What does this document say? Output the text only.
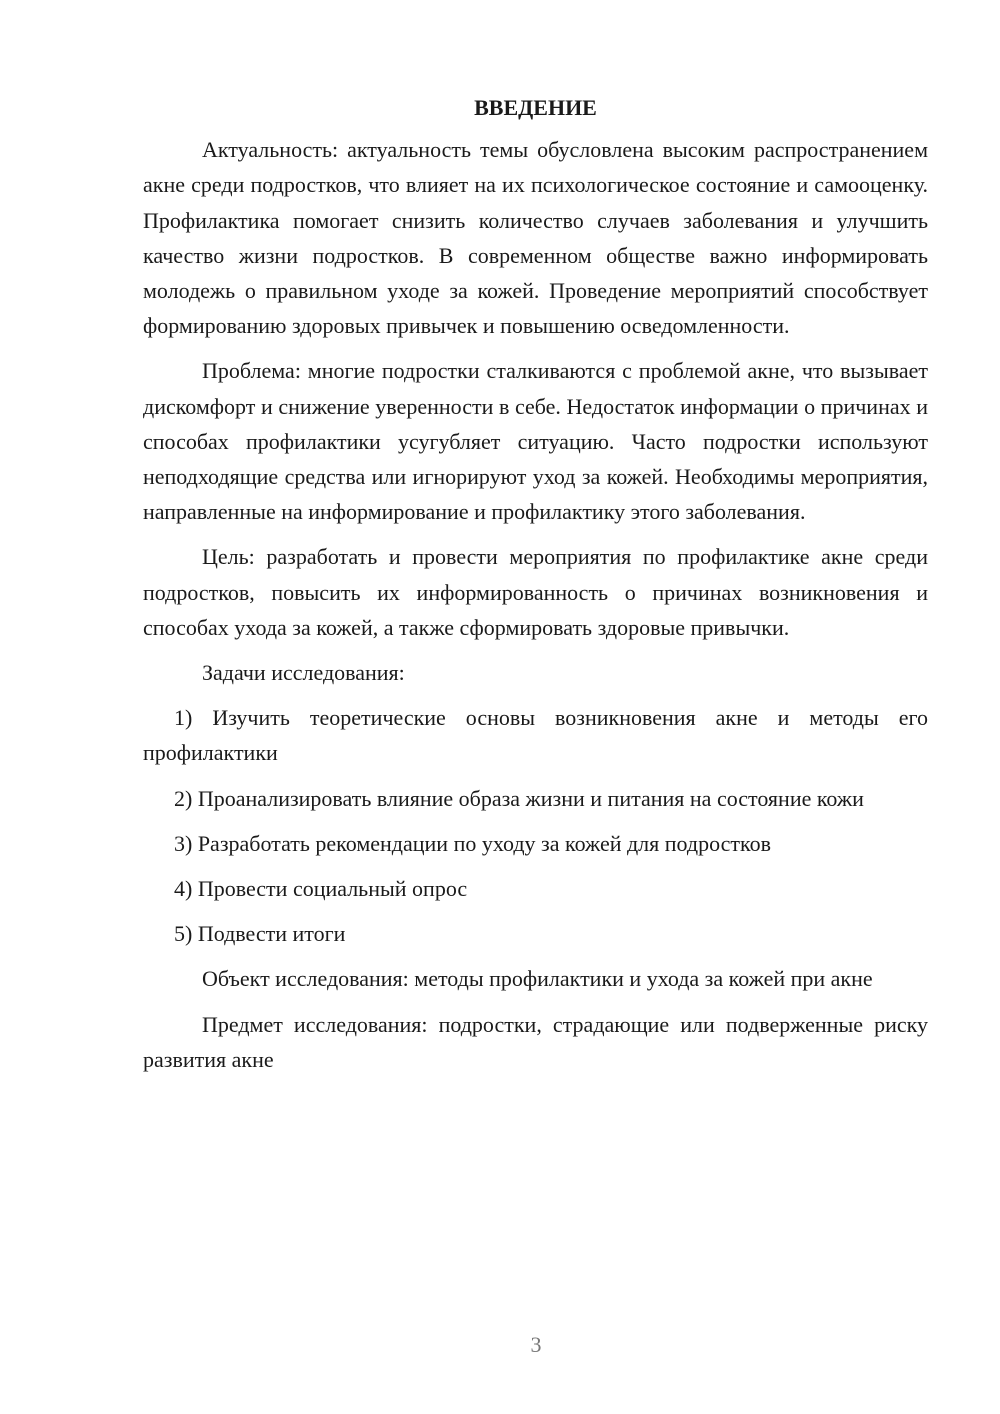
ВВЕДЕНИЕ

Актуальность: актуальность темы обусловлена высоким распространением акне среди подростков, что влияет на их психологическое состояние и самооценку. Профилактика помогает снизить количество случаев заболевания и улучшить качество жизни подростков. В современном обществе важно информировать молодежь о правильном уходе за кожей. Проведение мероприятий способствует формированию здоровых привычек и повышению осведомленности.

Проблема: многие подростки сталкиваются с проблемой акне, что вызывает дискомфорт и снижение уверенности в себе. Недостаток информации о причинах и способах профилактики усугубляет ситуацию. Часто подростки используют неподходящие средства или игнорируют уход за кожей. Необходимы мероприятия, направленные на информирование и профилактику этого заболевания.

Цель: разработать и провести мероприятия по профилактике акне среди подростков, повысить их информированность о причинах возникновения и способах ухода за кожей, а также сформировать здоровые привычки.

Задачи исследования:

1) Изучить теоретические основы возникновения акне и методы его профилактики

2) Проанализировать влияние образа жизни и питания на состояние кожи

3) Разработать рекомендации по уходу за кожей для подростков

4) Провести социальный опрос

5) Подвести итоги

Объект исследования: методы профилактики и ухода за кожей при акне

Предмет исследования: подростки, страдающие или подверженные риску развития акне

3
